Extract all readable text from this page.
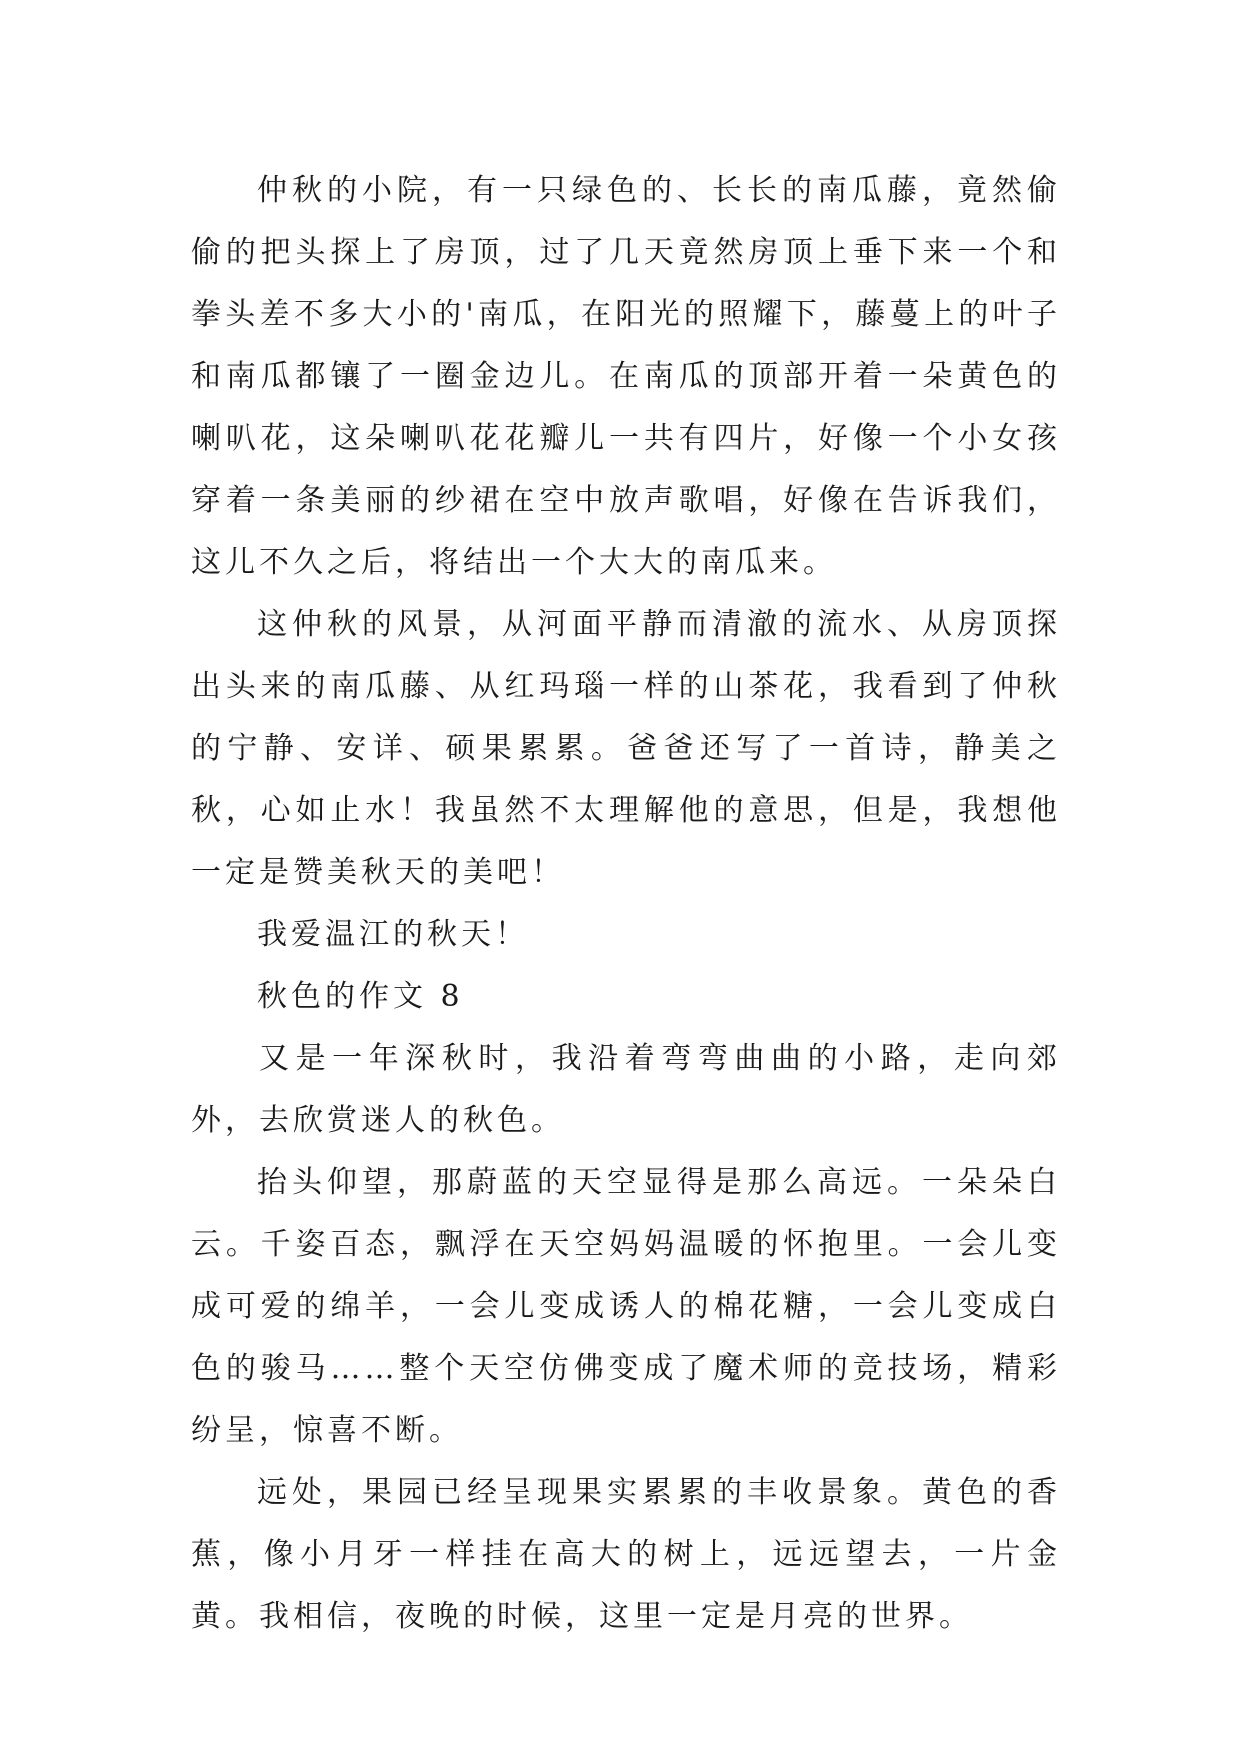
仲秋的小院，有一只绿色的、长长的南瓜藤，竟然偷偷的把头探上了房顶，过了几天竟然房顶上垂下来一个和拳头差不多大小的'南瓜，在阳光的照耀下，藤蔓上的叶子和南瓜都镶了一圈金边儿。在南瓜的顶部开着一朵黄色的喇叭花，这朵喇叭花花瓣儿一共有四片，好像一个小女孩穿着一条美丽的纱裙在空中放声歌唱，好像在告诉我们，这儿不久之后，将结出一个大大的南瓜来。

这仲秋的风景，从河面平静而清澈的流水、从房顶探出头来的南瓜藤、从红玛瑙一样的山茶花，我看到了仲秋的宁静、安详、硕果累累。爸爸还写了一首诗，静美之秋，心如止水！我虽然不太理解他的意思，但是，我想他一定是赞美秋天的美吧！

我爱温江的秋天！

秋色的作文 8

又是一年深秋时，我沿着弯弯曲曲的小路，走向郊外，去欣赏迷人的秋色。

抬头仰望，那蔚蓝的天空显得是那么高远。一朵朵白云。千姿百态，飘浮在天空妈妈温暖的怀抱里。一会儿变成可爱的绵羊，一会儿变成诱人的棉花糖，一会儿变成白色的骏马……整个天空仿佛变成了魔术师的竞技场，精彩纷呈，惊喜不断。

远处，果园已经呈现果实累累的丰收景象。黄色的香蕉，像小月牙一样挂在高大的树上，远远望去，一片金黄。我相信，夜晚的时候，这里一定是月亮的世界。
